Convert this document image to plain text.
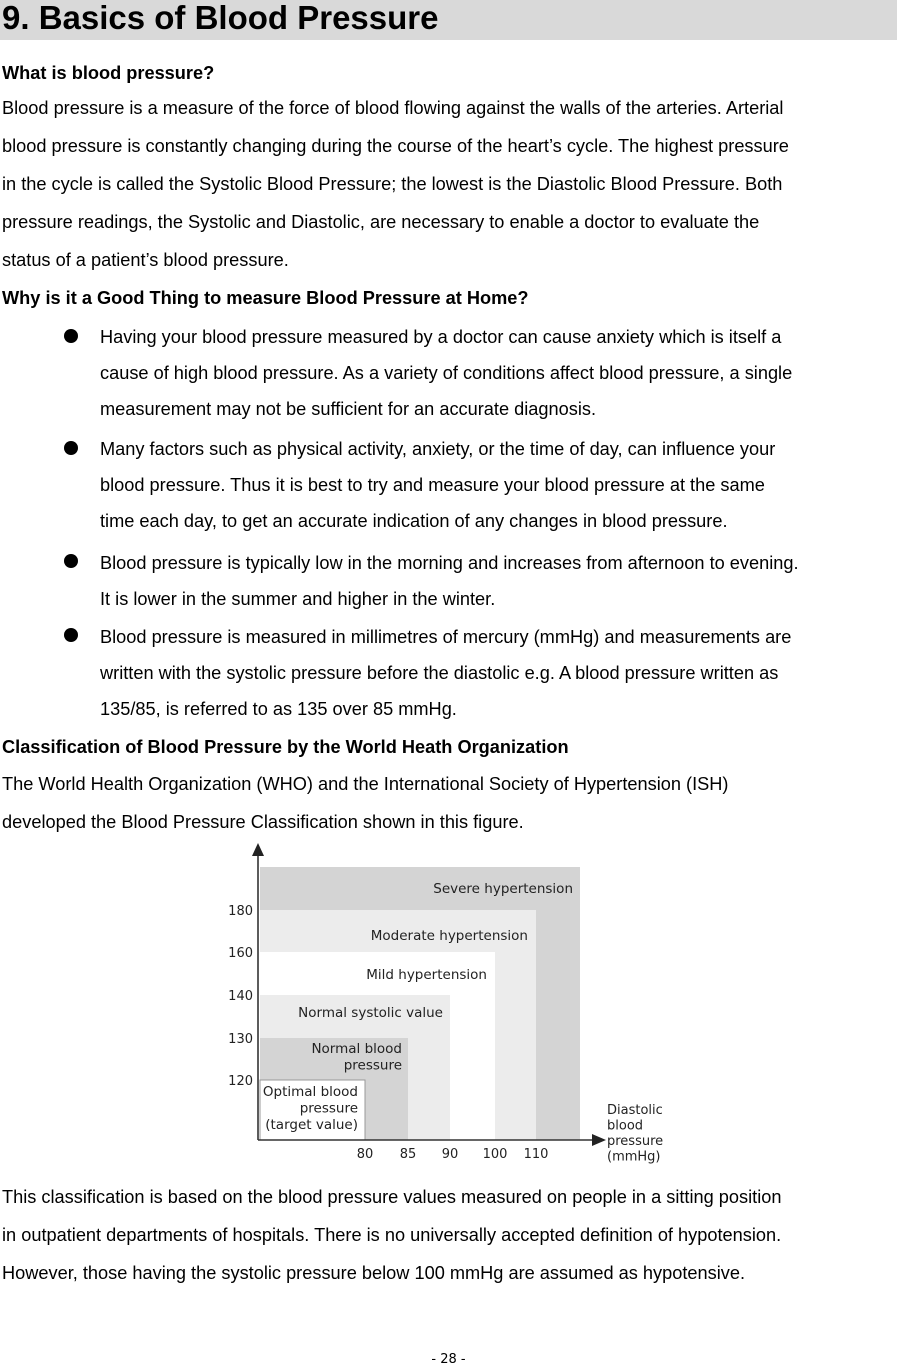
9. Basics of Blood Pressure
What is blood pressure?
Blood pressure is a measure of the force of blood flowing against the walls of the arteries. Arterial
blood pressure is constantly changing during the course of the heart’s cycle. The highest pressure
in the cycle is called the Systolic Blood Pressure; the lowest is the Diastolic Blood Pressure. Both
pressure readings, the Systolic and Diastolic, are necessary to enable a doctor to evaluate the
status of a patient’s blood pressure.
Why is it a Good Thing to measure Blood Pressure at Home?
Having your blood pressure measured by a doctor can cause anxiety which is itself a
cause of high blood pressure. As a variety of conditions affect blood pressure, a single
measurement may not be sufficient for an accurate diagnosis.
Many factors such as physical activity, anxiety, or the time of day, can influence your
blood pressure. Thus it is best to try and measure your blood pressure at the same
time each day, to get an accurate indication of any changes in blood pressure.
Blood pressure is typically low in the morning and increases from afternoon to evening.
It is lower in the summer and higher in the winter.
Blood pressure is measured in millimetres of mercury (mmHg) and measurements are
written with the systolic pressure before the diastolic e.g. A blood pressure written as
135/85, is referred to as 135 over 85 mmHg.
Classification of Blood Pressure by the World Heath Organization
The World Health Organization (WHO) and the International Society of Hypertension (ISH)
developed the Blood Pressure Classification shown in this figure.
Severe hypertension
Moderate hypertension
Mild hypertension
Normal systolic value
Normal blood
pressure
Optimal blood
pressure
(target value)
120
130
140
160
180
80 85 90 100 110
Diastolic
blood
pressure
(mmHg)
This classification is based on the blood pressure values measured on people in a sitting position
in outpatient departments of hospitals. There is no universally accepted definition of hypotension.
However, those having the systolic pressure below 100 mmHg are assumed as hypotensive.
- 28 -
